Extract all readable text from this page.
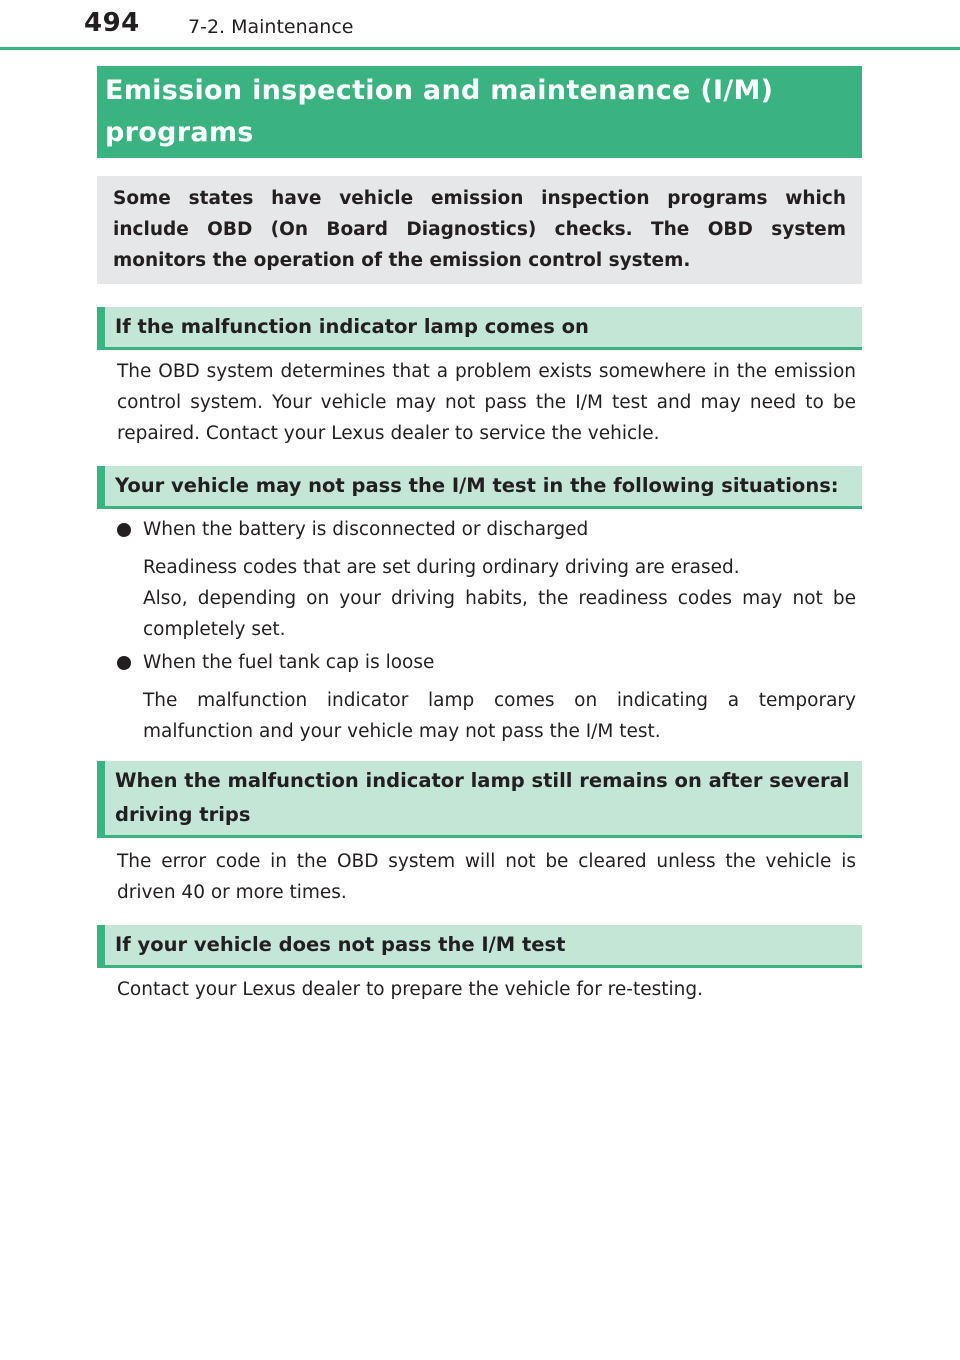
494	7-2. Maintenance
Emission inspection and maintenance (I/M) programs

Some states have vehicle emission inspection programs which include OBD (On Board Diagnostics) checks. The OBD system monitors the operation of the emission control system.

If the malfunction indicator lamp comes on

The OBD system determines that a problem exists somewhere in the emission control system. Your vehicle may not pass the I/M test and may need to be repaired. Contact your Lexus dealer to service the vehicle.

Your vehicle may not pass the I/M test in the following situations:
When the battery is disconnected or discharged

Readiness codes that are set during ordinary driving are erased.

Also, depending on your driving habits, the readiness codes may not be completely set.

When the fuel tank cap is loose

The malfunction indicator lamp comes on indicating a temporary malfunction and your vehicle may not pass the I/M test.

When the malfunction indicator lamp still remains on after several driving trips

The error code in the OBD system will not be cleared unless the vehicle is driven 40 or more times.

If your vehicle does not pass the I/M test

Contact your Lexus dealer to prepare the vehicle for re-testing.
